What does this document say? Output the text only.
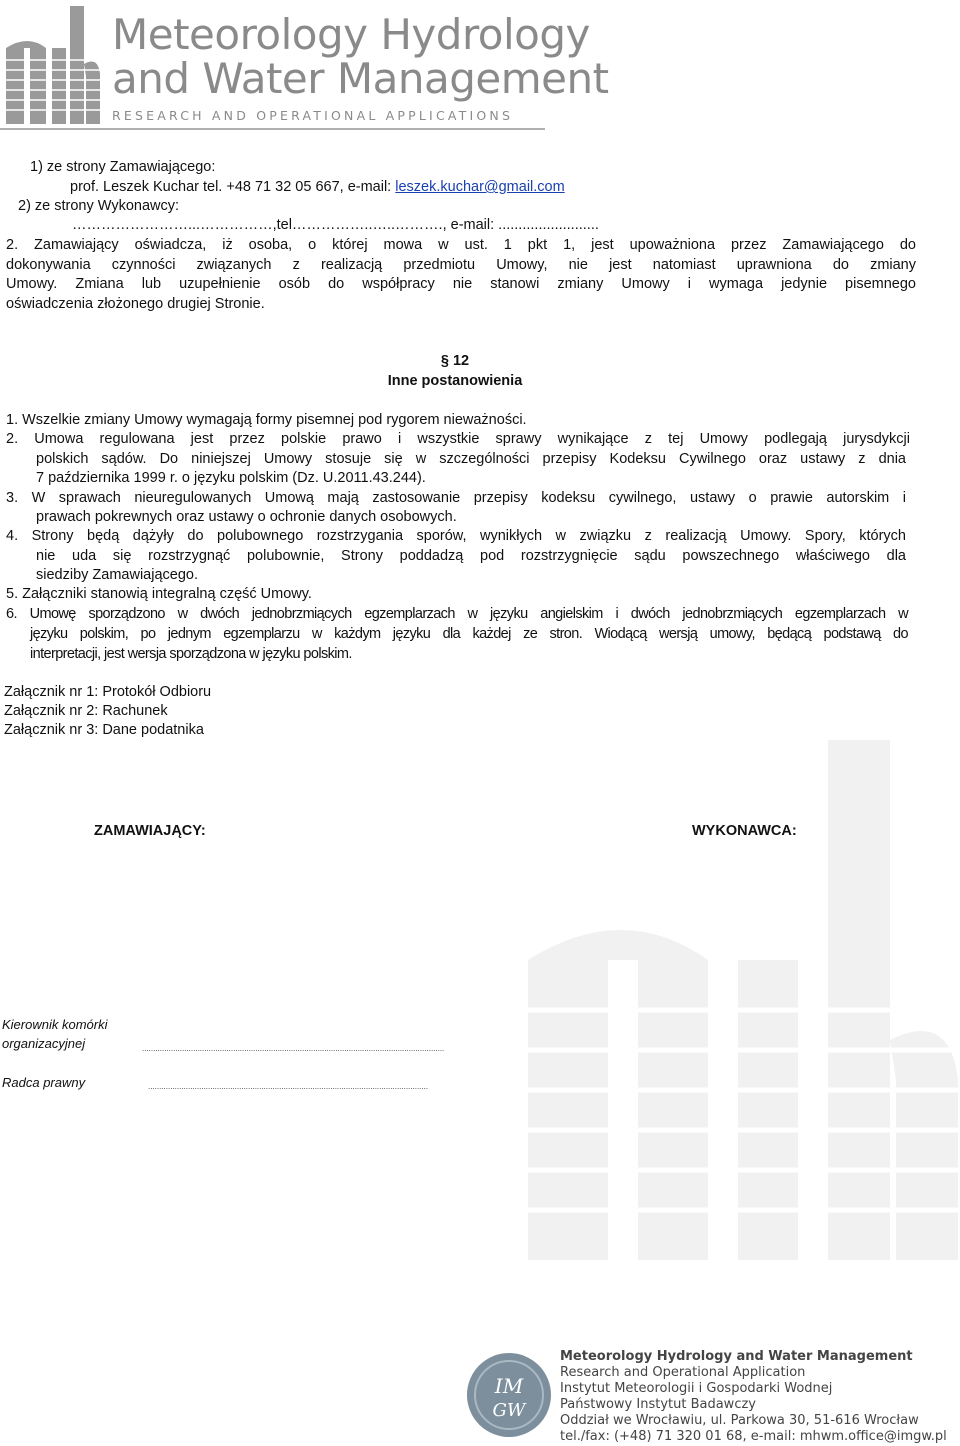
Meteorology Hydrology
and Water Management
RESEARCH AND OPERATIONAL APPLICATIONS
1) ze strony Zamawiającego:
prof. Leszek Kuchar tel. +48 71 32 05 667, e-mail: leszek.kuchar@gmail.com
2) ze strony Wykonawcy:
……………………...……………,tel……………..…..………., e-mail: .........................
2. Zamawiający oświadcza, iż osoba, o której mowa w ust. 1 pkt 1, jest upoważniona przez Zamawiającego do
dokonywania czynności związanych z realizacją przedmiotu Umowy, nie jest natomiast uprawniona do zmiany
Umowy. Zmiana lub uzupełnienie osób do współpracy nie stanowi zmiany Umowy i wymaga jedynie pisemnego
oświadczenia złożonego drugiej Stronie.
§ 12
Inne postanowienia
1. Wszelkie zmiany Umowy wymagają formy pisemnej pod rygorem nieważności.
2. Umowa regulowana jest przez polskie prawo i wszystkie sprawy wynikające z tej Umowy podlegają jurysdykcji
polskich sądów. Do niniejszej Umowy stosuje się w szczególności przepisy Kodeksu Cywilnego oraz ustawy z dnia
7 października 1999 r. o języku polskim (Dz. U.2011.43.244).
3. W sprawach nieuregulowanych Umową mają zastosowanie przepisy kodeksu cywilnego, ustawy o prawie autorskim i
prawach pokrewnych oraz ustawy o ochronie danych osobowych.
4. Strony będą dążyły do polubownego rozstrzygania sporów, wynikłych w związku z realizacją Umowy. Spory, których
nie uda się rozstrzygnąć polubownie, Strony poddadzą pod rozstrzygnięcie sądu powszechnego właściwego dla
siedziby Zamawiającego.
5. Załączniki stanowią integralną część Umowy.
6. Umowę sporządzono w dwóch jednobrzmiących egzemplarzach w języku angielskim i dwóch jednobrzmiących egzemplarzach w
języku polskim, po jednym egzemplarzu w każdym języku dla każdej ze stron. Wiodącą wersją umowy, będącą podstawą do
interpretacji, jest wersja sporządzona w języku polskim.
Załącznik nr 1: Protokół Odbioru
Załącznik nr 2: Rachunek
Załącznik nr 3: Dane podatnika
ZAMAWIAJĄCY:	WYKONAWCA:
Kierownik komórki
organizacyjnej	........................................................................................................................................
Radca prawny	..............................................................................................................................
IM
GW
Meteorology Hydrology and Water Management
Research and Operational Application
Instytut Meteorologii i Gospodarki Wodnej
Państwowy Instytut Badawczy
Oddział we Wrocławiu, ul. Parkowa 30, 51-616 Wrocław
tel./fax: (+48) 71 320 01 68, e-mail: mhwm.office@imgw.pl
